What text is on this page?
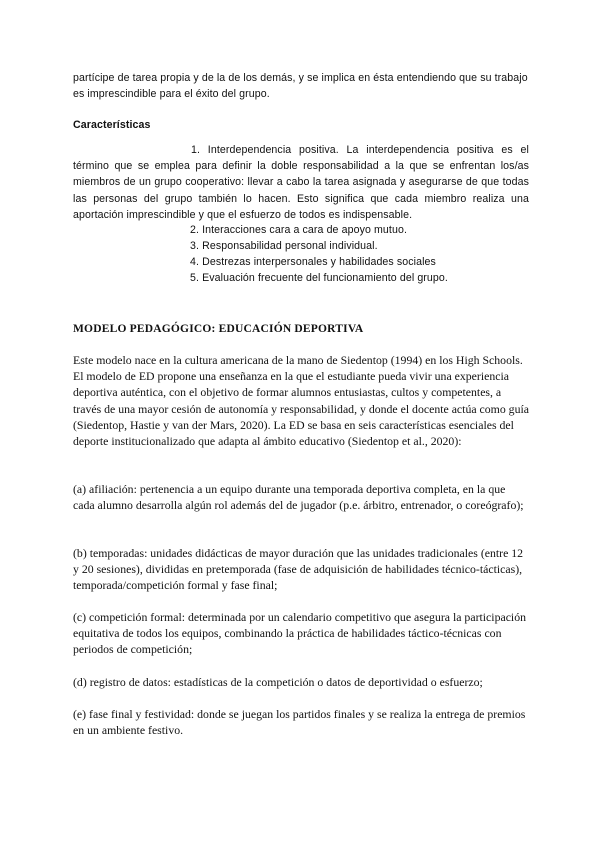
partícipe de tarea propia y de la de los demás, y se implica en ésta entendiendo que su trabajo es imprescindible para el éxito del grupo.

Características

1. Interdependencia positiva. La interdependencia positiva es el término que se emplea para definir la doble responsabilidad a la que se enfrentan los/as miembros de un grupo cooperativo: llevar a cabo la tarea asignada y asegurarse de que todas las personas del grupo también lo hacen. Esto significa que cada miembro realiza una aportación imprescindible y que el esfuerzo de todos es indispensable.

2. Interacciones cara a cara de apoyo mutuo.

3. Responsabilidad personal individual.

4. Destrezas interpersonales y habilidades sociales

5. Evaluación frecuente del funcionamiento del grupo.

MODELO PEDAGÓGICO: EDUCACIÓN DEPORTIVA

Este modelo nace en la cultura americana de la mano de Siedentop (1994) en los High Schools. El modelo de ED propone una enseñanza en la que el estudiante pueda vivir una experiencia deportiva auténtica, con el objetivo de formar alumnos entusiastas, cultos y competentes, a través de una mayor cesión de autonomía y responsabilidad, y donde el docente actúa como guía (Siedentop, Hastie y van der Mars, 2020). La ED se basa en seis características esenciales del deporte institucionalizado que adapta al ámbito educativo (Siedentop et al., 2020):

(a) afiliación: pertenencia a un equipo durante una temporada deportiva completa, en la que cada alumno desarrolla algún rol además del de jugador (p.e. árbitro, entrenador, o coreógrafo);

(b) temporadas: unidades didácticas de mayor duración que las unidades tradicionales (entre 12 y 20 sesiones), divididas en pretemporada (fase de adquisición de habilidades técnico-tácticas), temporada/competición formal y fase final;

(c) competición formal: determinada por un calendario competitivo que asegura la participación equitativa de todos los equipos, combinando la práctica de habilidades táctico-técnicas con periodos de competición;

(d) registro de datos: estadísticas de la competición o datos de deportividad o esfuerzo;

(e) fase final y festividad: donde se juegan los partidos finales y se realiza la entrega de premios en un ambiente festivo.
